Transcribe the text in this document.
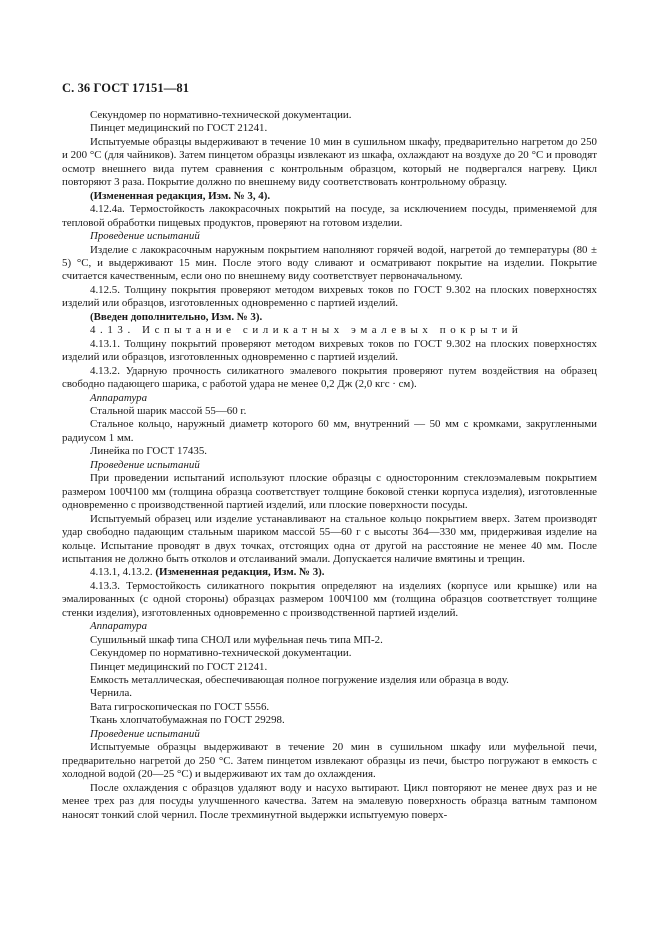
С. 36 ГОСТ 17151—81

Секундомер по нормативно-технической документации.

Пинцет медицинский по ГОСТ 21241.

Испытуемые образцы выдерживают в течение 10 мин в сушильном шкафу, предварительно нагретом до 250 и 200 °С (для чайников). Затем пинцетом образцы извлекают из шкафа, охлаждают на воздухе до 20 °С и проводят осмотр внешнего вида путем сравнения с контрольным образцом, который не подвергался нагреву. Цикл повторяют 3 раза. Покрытие должно по внешнему виду соответствовать контрольному образцу.

(Измененная редакция, Изм. № 3, 4).

4.12.4а. Термостойкость лакокрасочных покрытий на посуде, за исключением посуды, применяемой для тепловой обработки пищевых продуктов, проверяют на готовом изделии.

Проведение испытаний

Изделие с лакокрасочным наружным покрытием наполняют горячей водой, нагретой до температуры (80 ± 5) °С, и выдерживают 15 мин. После этого воду сливают и осматривают покрытие на изделии. Покрытие считается качественным, если оно по внешнему виду соответствует первоначальному.

4.12.5. Толщину покрытия проверяют методом вихревых токов по ГОСТ 9.302 на плоских поверхностях изделий или образцов, изготовленных одновременно с партией изделий.

(Введен дополнительно, Изм. № 3).

4.13. Испытание силикатных эмалевых покрытий

4.13.1. Толщину покрытий проверяют методом вихревых токов по ГОСТ 9.302 на плоских поверхностях изделий или образцов, изготовленных одновременно с партией изделий.

4.13.2. Ударную прочность силикатного эмалевого покрытия проверяют путем воздействия на образец свободно падающего шарика, с работой удара не менее 0,2 Дж (2,0 кгс · см).

Аппаратура

Стальной шарик массой 55—60 г.

Стальное кольцо, наружный диаметр которого 60 мм, внутренний — 50 мм с кромками, закругленными радиусом 1 мм.

Линейка по ГОСТ 17435.

Проведение испытаний

При проведении испытаний используют плоские образцы с односторонним стеклоэмалевым покрытием размером 100Ч100 мм (толщина образца соответствует толщине боковой стенки корпуса изделия), изготовленные одновременно с производственной партией изделий, или плоские поверхности посуды.

Испытуемый образец или изделие устанавливают на стальное кольцо покрытием вверх. Затем производят удар свободно падающим стальным шариком массой 55—60 г с высоты 364—330 мм, придерживая изделие на кольце. Испытание проводят в двух точках, отстоящих одна от другой на расстояние не менее 40 мм. После испытания не должно быть отколов и отслаиваний эмали. Допускается наличие вмятины и трещин.

4.13.1, 4.13.2. (Измененная редакция, Изм. № 3).

4.13.3. Термостойкость силикатного покрытия определяют на изделиях (корпусе или крышке) или на эмалированных (с одной стороны) образцах размером 100Ч100 мм (толщина образцов соответствует толщине стенки изделия), изготовленных одновременно с производственной партией изделий.

Аппаратура

Сушильный шкаф типа СНОЛ или муфельная печь типа МП-2.

Секундомер по нормативно-технической документации.

Пинцет медицинский по ГОСТ 21241.

Емкость металлическая, обеспечивающая полное погружение изделия или образца в воду.

Чернила.

Вата гигроскопическая по ГОСТ 5556.

Ткань хлопчатобумажная по ГОСТ 29298.

Проведение испытаний

Испытуемые образцы выдерживают в течение 20 мин в сушильном шкафу или муфельной печи, предварительно нагретой до 250 °С. Затем пинцетом извлекают образцы из печи, быстро погружают в емкость с холодной водой (20—25 °С) и выдерживают их там до охлаждения.

После охлаждения с образцов удаляют воду и насухо вытирают. Цикл повторяют не менее двух раз и не менее трех раз для посуды улучшенного качества. Затем на эмалевую поверхность образца ватным тампоном наносят тонкий слой чернил. После трехминутной выдержки испытуемую поверх-
